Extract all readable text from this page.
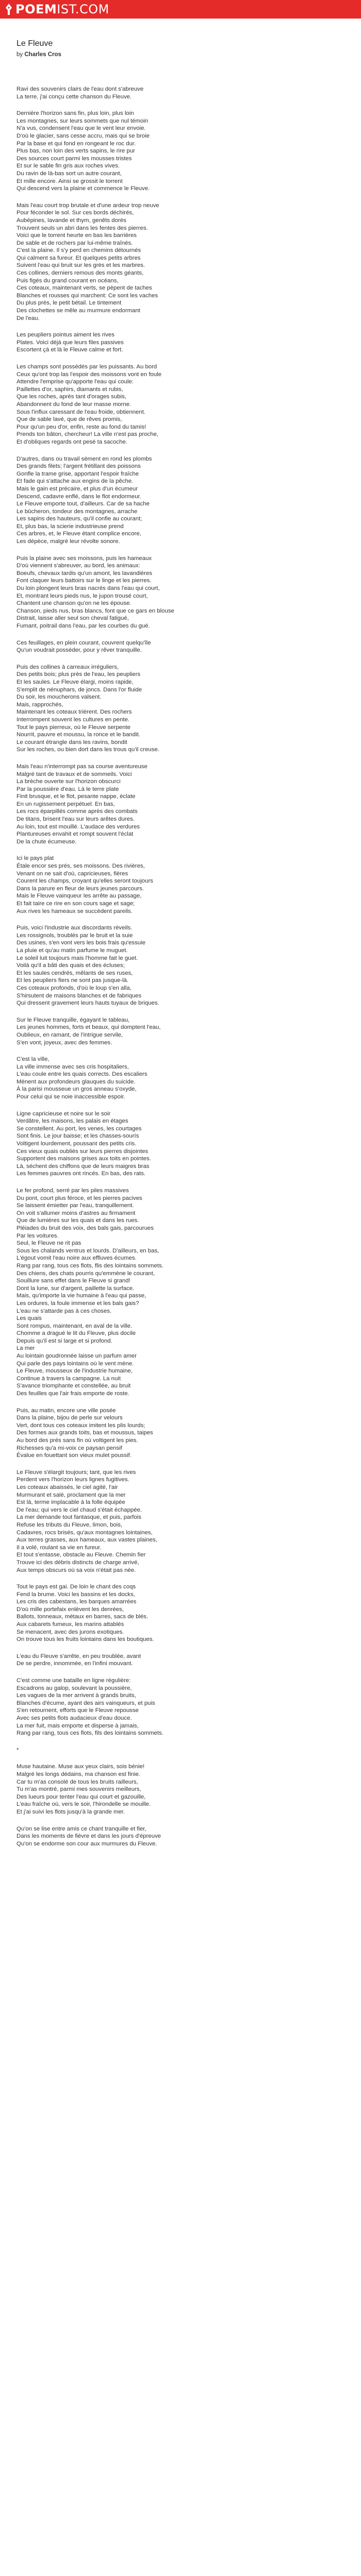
POEMIST.COM
Le Fleuve
by Charles Cros
Ravi des souvenirs clairs de l'eau dont s'abreuve
La terre, j'ai conçu cette chanson du Fleuve.
Dernière l'horizon sans fin, plus loin, plus loin
Les montagnes, sur leurs sommets que nul témoin
N'a vus, condensent l'eau que le vent leur envoie.
D'où le glacier, sans cesse accru, mais qui se broie
Par la base et qui fond en rongeant le roc dur.
Plus bas, non loin des verts sapins, le rire pur
Des sources court parmi les mousses tristes
Et sur le sable fin gris aux roches vives.
Du ravin de là-bas sort un autre courant,
Et mille encore. Ainsi se grossit le torrent
Qui descend vers la plaine et commence le Fleuve.
Mais l'eau court trop brutale et d'une ardeur trop neuve
Pour féconder le sol. Sur ces bords déchirés,
Aubépines, lavande et thym, genêts dorés
Trouvent seuls un abri dans les fentes des pierres.
Voici que le torrent heurte en bas les barrières
De sable et de rochers par lui-même traînés.
C'est la plaine. Il s'y perd en chemins détournés
Qui calment sa fureur. Et quelques petits arbres
Suivent l'eau qui bruit sur les grès et les marbres.
Ces collines, derniers remous des monts géants,
Puis figés du grand courant en océans,
Ces coteaux, maintenant verts, se pèpent de taches
Blanches et rousses qui marchent: Ce sont les vaches
Du plus près, le petit bétail. Le tintement
Des clochettes se mêle au murmure endormant
De l'eau.
Les peupliers pointus aiment les rives
Plates. Voici déjà que leurs files passives
Escortent çà et là le Fleuve calme et fort.
Les champs sont possédés par les puissants. Au bord
Ceux qu'ont trop las l'espoir des moissons vont en foule
Attendre l'emprise qu'apporte l'eau qui coule:
Paillettes d'or, saphirs, diamants et rubis,
Que les roches, après tant d'orages subis,
Abandonnent du fond de leur masse morne.
Sous l'influx caressant de l'eau froide, obtiennent.
Que de sable lavé, que de rêves promis,
Pour qu'un peu d'or, enfin, reste au fond du tamis!
Prends ton bâton, chercheur! La ville n'est pas proche,
Et d'obliques regards ont pesé ta sacoche.
D'autres, dans ou travail sèment en rond les plombs
Des grands filets; l'argent frétillant des poissons
Gonfle la trame grise, apportant l'espoir fraîche
Et fade qui s'attache aux engins de la pêche.
Mais le gain est précaire, et plus d'un écumeur
Descend, cadavre enflé, dans le flot endormeur.
Le Fleuve emporte tout, d'ailleurs. Car de sa hache
Le bûcheron, tondeur des montagnes, arrache
Les sapins des hauteurs, qu'il confie au courant;
Et, plus bas, la scierie industrieuse prend
Ces arbres, et, le Fleuve étant complice encore,
Les dépèce, malgré leur révolte sonore.
Puis la plaine avec ses moissons, puis les hameaux
D'où viennent s'abreuver, au bord, les animaux:
Boeufs, chevaux tardis qu'un amont, les lavandières
Font claquer leurs battoirs sur le linge et les pierres.
Du loin plongent leurs bras nacrés dans l'eau qui court,
Et, montrant leurs pieds nus, le jupon trousé court,
Chantent une chanson qu'on ne les épouse.
Chanson, pieds nus, bras blancs, font que ce gars en blouse
Distrait, laisse aller seul son cheval fatigué,
Fumant, poitrail dans l'eau, par les courbes du gué.
Ces feuillages, en plein courant, couvrent quelqu'île
Qu'un voudrait posséder, pour y rêver tranquille.
Puis des collines à carreaux irréguliers,
Des petits bois; plus près de l'eau, les peupliers
Et les saules. Le Fleuve élargi, moins rapide,
S'emplit de nénuphars, de joncs. Dans l'or fluide
Du soir, les moucherons valsent.
Mais, rapprochés,
Maintenant les coteaux trièrent. Des rochers
Interrompent souvent les cultures en pente.
Tout le pays pierreux, où le Fleuve serpente
Nourrit, pauvre et moussu, la ronce et le bandit.
Le courant étrangle dans les ravins, bondit
Sur les roches, ou bien dort dans les trous qu'il creuse.
Mais l'eau n'interrompt pas sa course aventureuse
Malgré tant de travaux et de sommeils. Voici
La brèche ouverte sur l'horizon obscurci
Par la poussière d'eau. Là le terre plate
Finit brusque, et le flot, pesante nappe, éclate
En un rugissement perpétuel. En bas,
Les rocs éparpillés comme après des combats
De titans, brisent l'eau sur leurs arêtes dures.
Au loin, tout est mouillé. L'audace des verdures
Plantureuses envahit et rompt souvent l'éclat
De la chute écumeuse.
Ici le pays plat
Étale encor ses prés, ses moissons. Des rivières,
Venant on ne sait d'où, capricieuses, fières
Courent les champs, croyant qu'elles seront toujours
Dans la parure en fleur de leurs jeunes parcours.
Mais le Fleuve vainqueur les arrête au passage,
Et fait taire ce rire en son cours sage et sage;
Aux rives les hameaux se succèdent pareils.
Puis, voici l'industrie aux discordants réveils.
Les rossignols, troublés par le bruit et la suie
Des usines, s'en vont vers les bois frais qu'essuie
La pluie et qu'au matin parfume le muguet.
Le soleil luit toujours mais l'homme fait le guet.
Voilà qu'il a bâti des quais et des écluses;
Et les saules cendrés, mêlants de ses ruses,
Et les peupliers fiers ne sont pas jusque-là.
Ces coteaux profonds, d'où le loup s'en alla,
S'hirsutent de maisons blanches et de fabriques
Qui dressent gravement leurs hauts tuyaux de briques.
Sur le Fleuve tranquille, égayant le tableau,
Les jeunes hommes, forts et beaux, qui domptent l'eau,
Oublieux, en ramant, de l'intrigue servile,
S'en vont, joyeux, avec des femmes.
C'est la ville,
La ville immense avec ses cris hospitaliers,
L'eau coule entre les quais corrects. Des escaliers
Mènent aux profondeurs glauques du suicide.
À la parisi mousseue un gros anneau s'oxyde,
Pour celui qui se noie inaccessible espoir.
Ligne capricieuse et noire sur le soir
Verdâtre, les maisons, les palais en étages
Se constellent. Au port, les venes, les courtages
Sont finis. Le jour baisse; et les chasses-sourís
Voltigent lourdement, poussant des petits cris.
Ces vieux quais oubliés sur leurs pierres disjointes
Supportent des maisons grises aux toits en pointes.
Là, séchent des chiffons que de leurs maigres bras
Les femmes pauvres ont rincés. En bas, des rats.
Le fer profond, serré par les piles massives
Du pont, court plus féroce, et les pierres pacives
Se laissent émietter par l'eau, tranquillement.
On voit s'allumer moins d'astres au firmament
Que de lumières sur les quais et dans les rues.
Pléiades du bruit des voix, des bals gais, parcourues
Par les voitures.
Seul, le Fleuve ne rit pas
Sous les chalands ventrus et lourds. D'ailleurs, en bas,
L'égout vomit l'eau noire aux effluves écumes.
Rang par rang, tous ces flots, flis des lointains sommets.
Des chiens, des chats pourris qu'emmène le courant,
Souillure sans effet dans le Fleuve si grand!
Dont la lune, sur d'argent, paillette la surface.
Mais, qu'importe la vie humaine à l'eau qui passe,
Les ordures, la foule immense et les bals gais?
L'eau ne s'attarde pas à ces choses.
Les quais
Sont rompus, maintenant, en aval de la ville.
Chomme a dragué le lit du Fleuve, plus docile
Depuis qu'il est si large et si profond.
La mer
Au lointain goudronnée laisse un parfum amer
Qui parle des pays lointains où le vent mène.
Le Fleuve, mousseux de l'industrie humaine,
Continue à travers la campagne. La nuit
S'avance triomphante et constellée, au bruit
Des feuilles que l'air frais emporte de roste.
Puis, au matin, encore une ville posée
Dans la plaine, bijou de perle sur velours
Vert, dont tous ces coteaux imitent les plis lourds;
Des formes aux grands toits, bas et moussus, taipes
Au bord des prés sans fin où voltigent les pies.
Richesses qu'a mi-voix ce paysan pensif
Évalue en fouettant son vieux mulet poussif.
Le Fleuve s'élargit toujours; tant, que les rives
Perdent vers l'horizon leurs lignes fugitives.
Les coteaux abaissés, le ciel agité, l'air
Murmurant et salé, proclament que la mer
Est là, terme implacable à la folle équipée
De l'eau; qui vers le ciel chaud s'était échappée.
La mer demande tout fantasque, et puis, parfois
Refuse les tributs du Fleuve, limon, bois,
Cadavres, rocs brisés, qu'aux montagnes lointaines,
Aux terres grasses, aux hameaux, aux vastes plaines,
Il a volé, roulant sa vie en fureur.
Et tout s'entasse, obstacle au Fleuve. Chemin fier
Trouve ici des débris distincts de charge arrivé,
Aux temps obscurs où sa voix n'était pas née.
Tout le pays est gai. De loin le chant des coqs
Fend la brume. Voici les bassins et les docks,
Les cris des cabestans, les barques amarrées
D'où mille portefaix enlèvent les denrées,
Ballots, tonneaux, métaux en barres, sacs de blés.
Aux cabarets fumeux, les marins attablés
Se menacent, avec des jurons exotiques.
On trouve tous les fruits lointains dans les boutiques.
L'eau du Fleuve s'arrête, en peu troublée, avant
De se perdre, innommée, en l'infini mouvant.
C'est comme une bataille en ligne régulière:
Escadrons au galop, soulevant la poussière,
Les vagues de la mer arrivent à grands bruits,
Blanches d'écume, ayant des airs vainqueurs, et puis
S'en retournent, efforts que le Fleuve repousse
Avec ses petits flots audacieux d'eau douce.
La mer fuit, mais emporte et disperse à jamais,
Rang par rang, tous ces flots, fils des lointains sommets.
*
Muse hautaine. Muse aux yeux clairs, sois bénie!
Malgré les longs dédains, ma chanson est finie.
Car tu m'as consolé de tous les bruits railleurs,
Tu m'as montré, parmi mes souvenirs meilleurs,
Des lueurs pour tenter l'eau qui court et gazouille,
L'eau fraîche où, vers le soir, l'hirondelle se mouille.
Et j'ai suivi les flots jusqu'à la grande mer.
Qu'on se lise entre amis ce chant tranquille et fier,
Dans les moments de fièvre et dans les jours d'épreuve
Qu'on se endorme son cour aux murmures du Fleuve.
